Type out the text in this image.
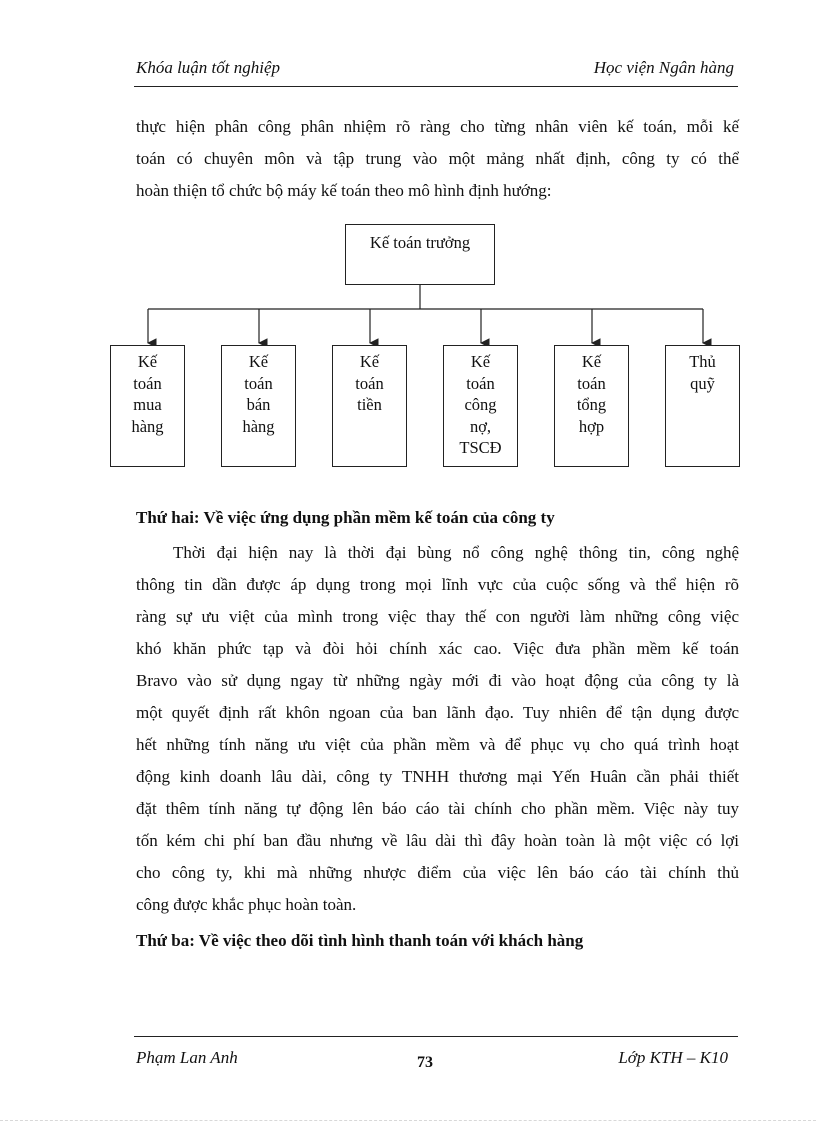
Khóa luận tốt nghiệp	Học viện Ngân hàng
thực hiện phân công phân nhiệm rõ ràng cho từng nhân viên kế toán, mỗi kế
toán có chuyên môn và tập trung vào một mảng nhất định, công ty có thể
hoàn thiện tổ chức bộ máy kế toán theo mô hình định hướng:
Kế toán trưởng
Kế
toán
mua
hàng
Kế
toán
bán
hàng
Kế
toán
tiền
Kế
toán
công
nợ,
TSCĐ
Kế
toán
tổng
hợp
Thủ
quỹ
Thứ hai: Về việc ứng dụng phần mềm kế toán của công ty
Thời đại hiện nay là thời đại bùng nổ công nghệ thông tin, công nghệ
thông tin dần được áp dụng trong mọi lĩnh vực của cuộc sống và thể hiện rõ
ràng sự ưu việt của mình trong việc thay thế con người làm những công việc
khó khăn phức tạp và đòi hỏi chính xác cao. Việc đưa phần mềm kế toán
Bravo vào sử dụng ngay từ những ngày mới đi vào hoạt động của công ty là
một quyết định rất khôn ngoan của ban lãnh đạo. Tuy nhiên để tận dụng được
hết những tính năng ưu việt của phần mềm và để phục vụ cho quá trình hoạt
động kinh doanh lâu dài, công ty TNHH thương mại Yến Huân cần phải thiết
đặt thêm tính năng tự động lên báo cáo tài chính cho phần mềm. Việc này tuy
tốn kém chi phí ban đầu nhưng về lâu dài thì đây hoàn toàn là một việc có lợi
cho công ty, khi mà những nhược điểm của việc lên báo cáo tài chính thủ
công được khắc phục hoàn toàn.
Thứ ba: Về việc theo dõi tình hình thanh toán với khách hàng
Phạm Lan Anh	73	Lớp KTH – K10
